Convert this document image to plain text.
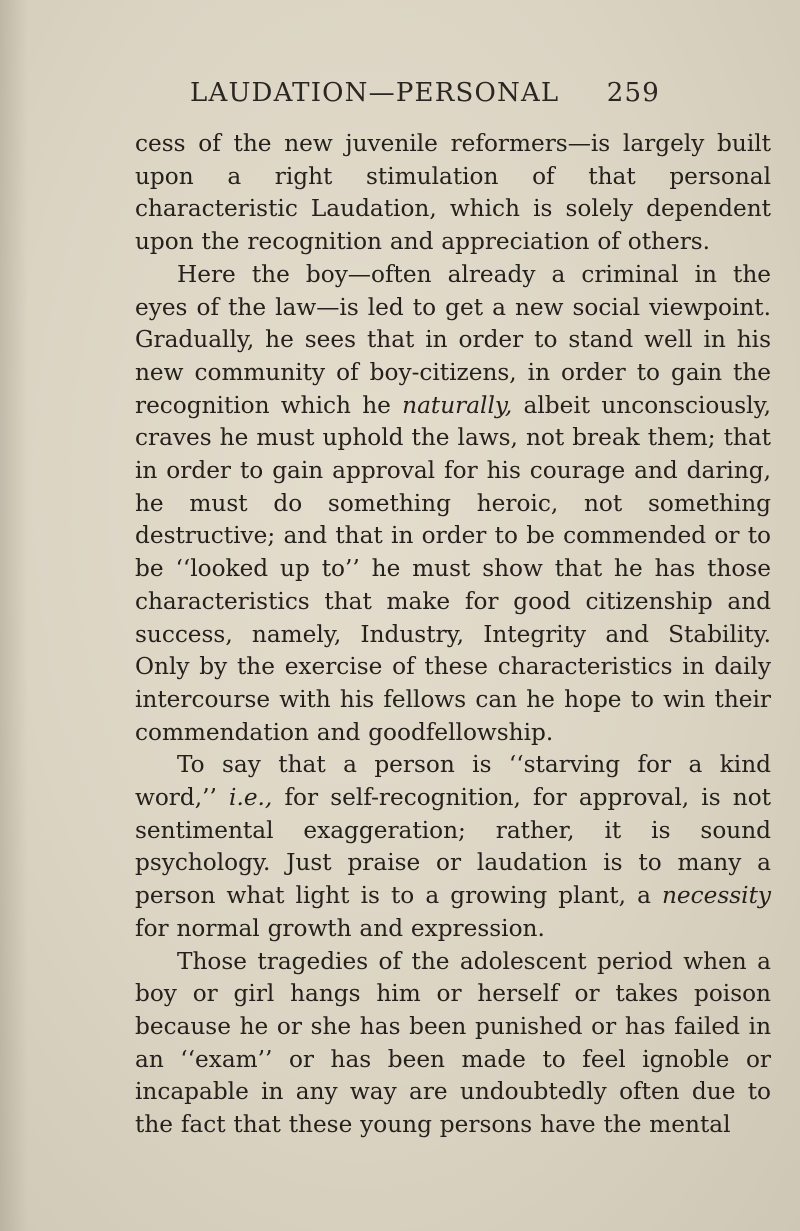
LAUDATION—PERSONAL 259

cess of the new juvenile reformers—is largely built upon a right stimulation of that personal characteristic Laudation, which is solely dependent upon the recognition and appreciation of others.

Here the boy—often already a criminal in the eyes of the law—is led to get a new social viewpoint. Gradually, he sees that in order to stand well in his new community of boy-citizens, in order to gain the recognition which he naturally, albeit unconsciously, craves he must uphold the laws, not break them; that in order to gain approval for his courage and daring, he must do something heroic, not something destructive; and that in order to be commended or to be ‘‘looked up to’’ he must show that he has those characteristics that make for good citizenship and success, namely, Industry, Integrity and Stability. Only by the exercise of these characteristics in daily intercourse with his fellows can he hope to win their commendation and goodfellowship.

To say that a person is ‘‘starving for a kind word,’’ i.e., for self-recognition, for approval, is not sentimental exaggeration; rather, it is sound psychology. Just praise or laudation is to many a person what light is to a growing plant, a necessity for normal growth and expression.

Those tragedies of the adolescent period when a boy or girl hangs him or herself or takes poison because he or she has been punished or has failed in an ‘‘exam’’ or has been made to feel ignoble or incapable in any way are undoubtedly often due to the fact that these young persons have the mental
